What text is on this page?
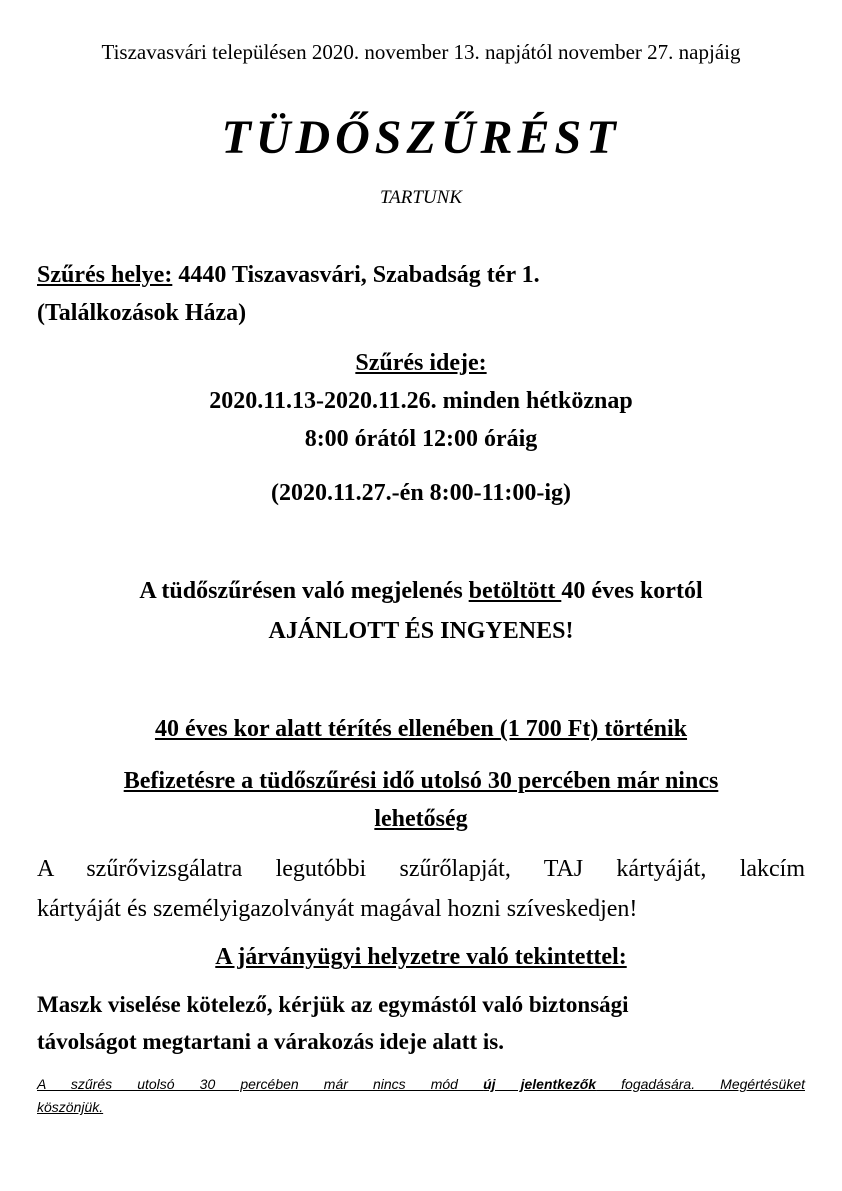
Tiszavasvári településen 2020. november 13. napjától november 27. napjáig
TÜDŐSZŰRÉST
TARTUNK
Szűrés helye: 4440 Tiszavasvári, Szabadság tér 1.
(Találkozások Háza)
Szűrés ideje:
2020.11.13-2020.11.26. minden hétköznap
8:00 órától 12:00 óráig
(2020.11.27.-én 8:00-11:00-ig)
A tüdőszűrésen való megjelenés betöltött 40 éves kortól
AJÁNLOTT ÉS INGYENES!
40 éves kor alatt térítés ellenében (1 700 Ft) történik
Befizetésre a tüdőszűrési idő utolsó 30 percében már nincs
lehetőség
A szűrővizsgálatra legutóbbi szűrőlapját, TAJ kártyáját, lakcím
kártyáját és személyigazolványát magával hozni szíveskedjen!
A járványügyi helyzetre való tekintettel:
Maszk viselése kötelező, kérjük az egymástól való biztonsági
távolságot megtartani a várakozás ideje alatt is.
A szűrés utolsó 30 percében már nincs mód új jelentkezők fogadására. Megértésüket
köszönjük.
